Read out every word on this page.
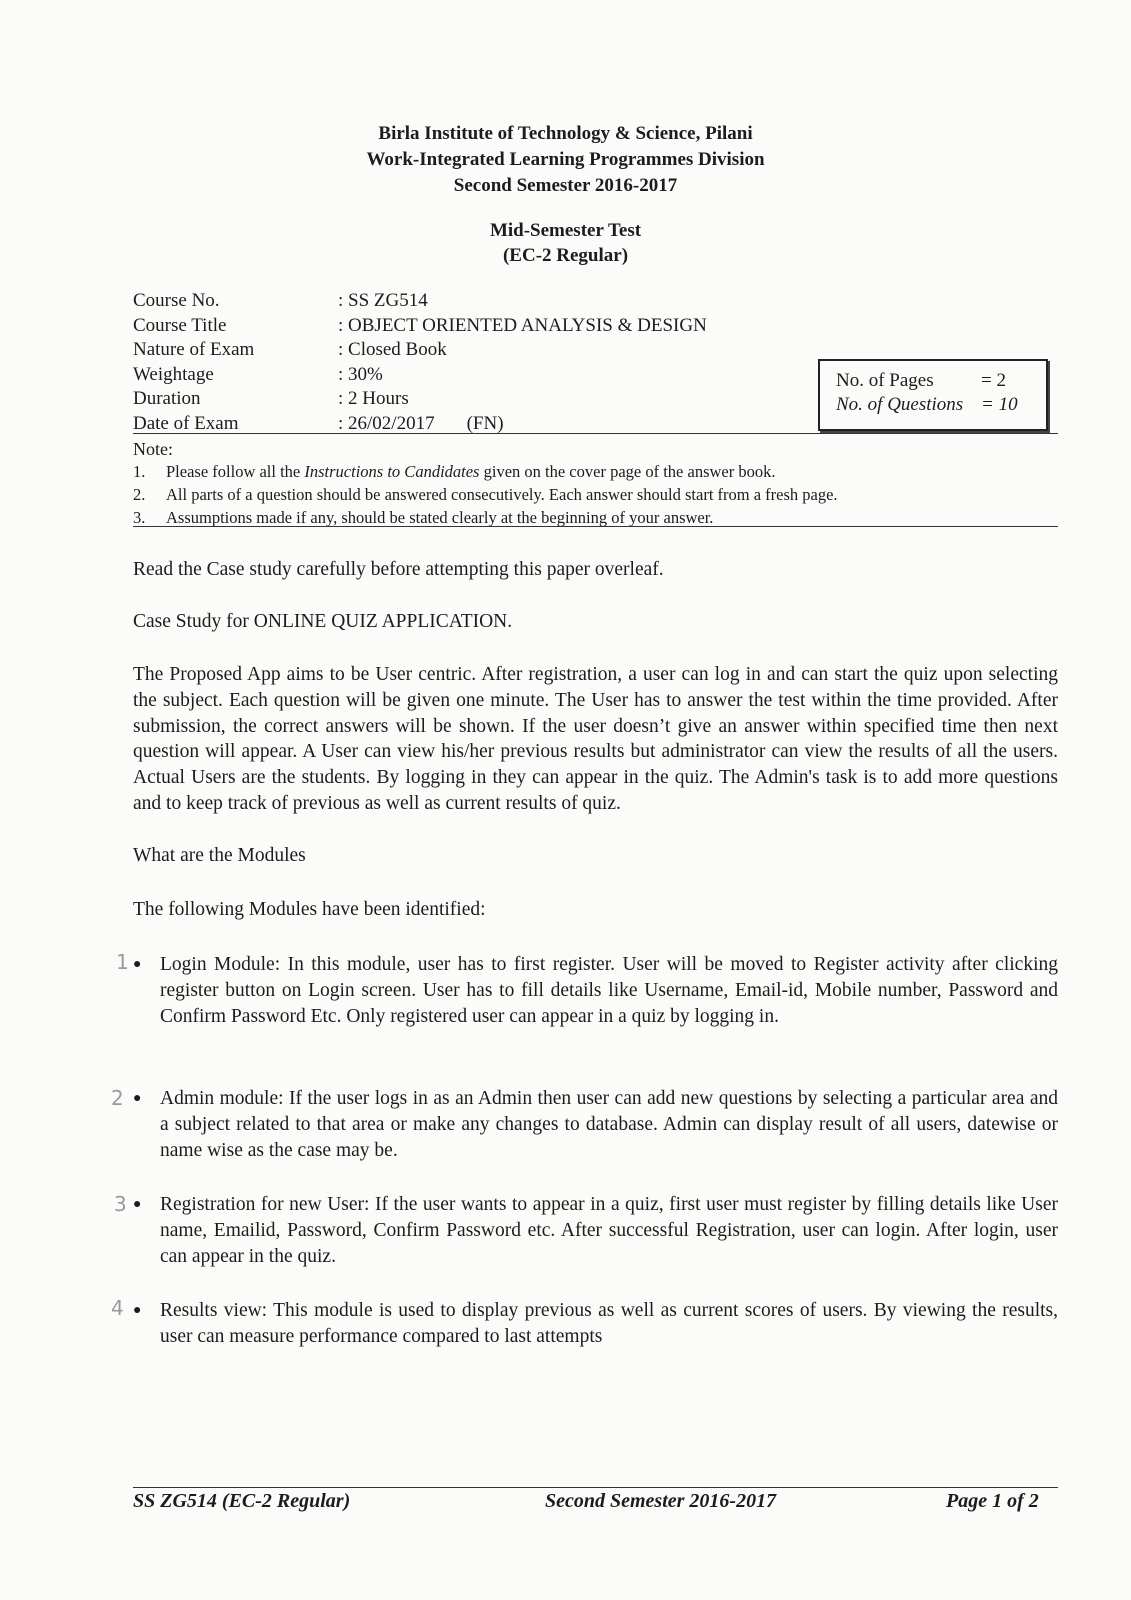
Birla Institute of Technology & Science, Pilani
Work-Integrated Learning Programmes Division
Second Semester 2016-2017
Mid-Semester Test
(EC-2 Regular)
Course No.	: SS ZG514
Course Title	: OBJECT ORIENTED ANALYSIS & DESIGN
Nature of Exam	: Closed Book
Weightage	: 30%
Duration	: 2 Hours
Date of Exam	: 26/02/2017 (FN)
No. of Pages = 2
No. of Questions = 10
Note:
1. Please follow all the Instructions to Candidates given on the cover page of the answer book.
2. All parts of a question should be answered consecutively. Each answer should start from a fresh page.
3. Assumptions made if any, should be stated clearly at the beginning of your answer.
Read the Case study carefully before attempting this paper overleaf.
Case Study for ONLINE QUIZ APPLICATION.
The Proposed App aims to be User centric. After registration, a user can log in and can start the quiz upon selecting the subject. Each question will be given one minute. The User has to answer the test within the time provided. After submission, the correct answers will be shown. If the user doesn’t give an answer within specified time then next question will appear. A User can view his/her previous results but administrator can view the results of all the users. Actual Users are the students. By logging in they can appear in the quiz. The Admin's task is to add more questions and to keep track of previous as well as current results of quiz.
What are the Modules
The following Modules have been identified:
1 ● Login Module: In this module, user has to first register. User will be moved to Register activity after clicking register button on Login screen. User has to fill details like Username, Email-id, Mobile number, Password and Confirm Password Etc. Only registered user can appear in a quiz by logging in.
2 ● Admin module: If the user logs in as an Admin then user can add new questions by selecting a particular area and a subject related to that area or make any changes to database. Admin can display result of all users, datewise or name wise as the case may be.
3 ● Registration for new User: If the user wants to appear in a quiz, first user must register by filling details like User name, Emailid, Password, Confirm Password etc. After successful Registration, user can login. After login, user can appear in the quiz.
4 ● Results view: This module is used to display previous as well as current scores of users. By viewing the results, user can measure performance compared to last attempts
SS ZG514 (EC-2 Regular)	Second Semester 2016-2017	Page 1 of 2
